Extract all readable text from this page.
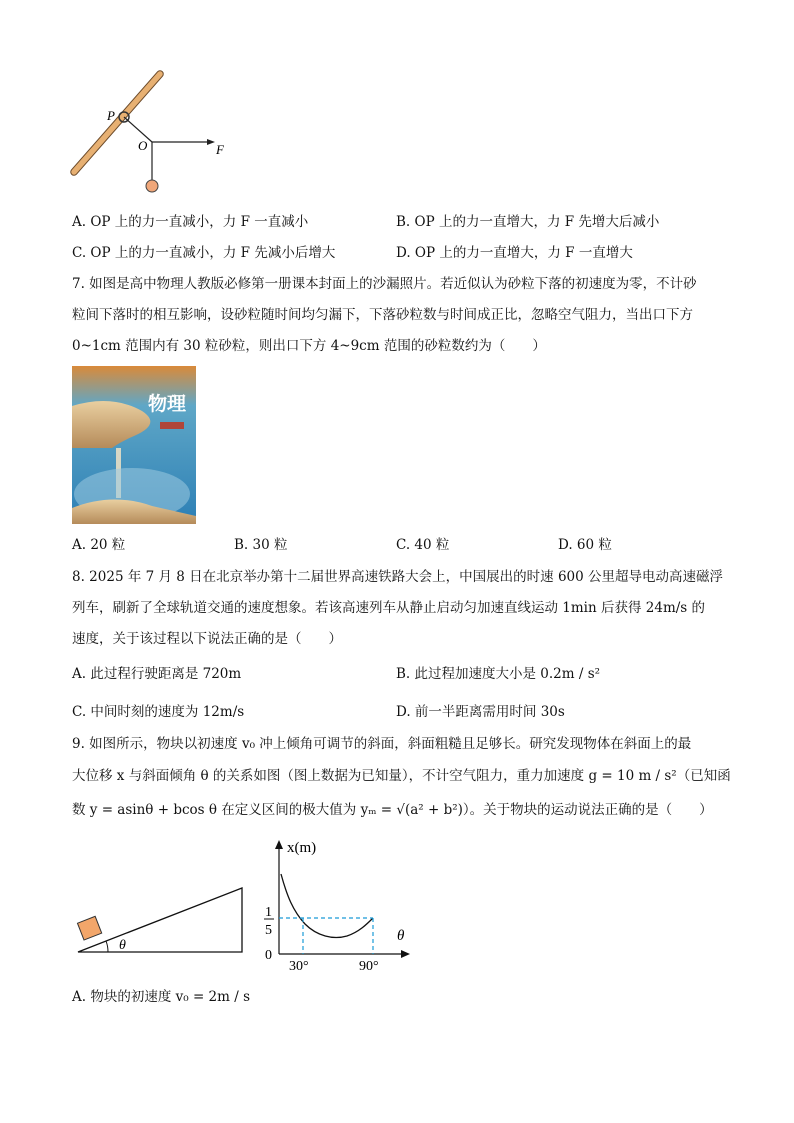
P
O	F
A. OP 上的力一直减小，力 F 一直减小	B. OP 上的力一直增大，力 F 先增大后减小
C. OP 上的力一直减小，力 F 先减小后增大	D. OP 上的力一直增大，力 F 一直增大
7. 如图是高中物理人教版必修第一册课本封面上的沙漏照片。若近似认为砂粒下落的初速度为零，不计砂
粒间下落时的相互影响，设砂粒随时间均匀漏下，下落砂粒数与时间成正比，忽略空气阻力，当出口下方
0~1cm 范围内有 30 粒砂粒，则出口下方 4~9cm 范围的砂粒数约为（　　）
物理
A. 20 粒	B. 30 粒	C. 40 粒	D. 60 粒
8. 2025 年 7 月 8 日在北京举办第十二届世界高速铁路大会上，中国展出的时速 600 公里超导电动高速磁浮
列车，刷新了全球轨道交通的速度想象。若该高速列车从静止启动匀加速直线运动 1min 后获得 24m/s 的
速度，关于该过程以下说法正确的是（　　）
A. 此过程行驶距离是 720m	B. 此过程加速度大小是 0.2m / s²
C. 中间时刻的速度为 12m/s	D. 前一半距离需用时间 30s
9. 如图所示，物块以初速度 v₀ 冲上倾角可调节的斜面，斜面粗糙且足够长。研究发现物体在斜面上的最
大位移 x 与斜面倾角 θ 的关系如图（图上数据为已知量），不计空气阻力，重力加速度 g = 10 m / s²（已知函
数 y = asinθ + bcos θ 在定义区间的极大值为 yₘ = √(a² + b²)）。关于物块的运动说法正确的是（　　）
θ
x(m)
θ
1
5
0
30°	90°
A. 物块的初速度 v₀ = 2m / s
